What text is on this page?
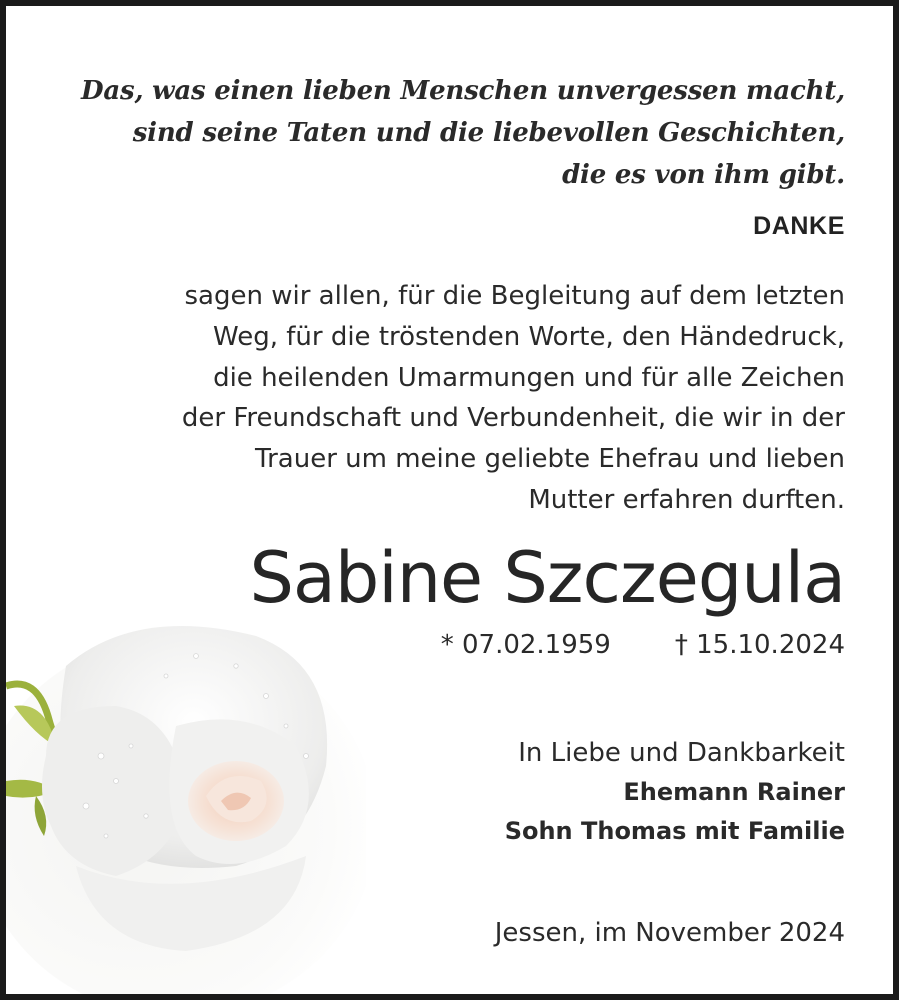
Das, was einen lieben Menschen unvergessen macht,
sind seine Taten und die liebevollen Geschichten,
die es von ihm gibt.
DANKE
sagen wir allen, für die Begleitung auf dem letzten
Weg, für die tröstenden Worte, den Händedruck,
die heilenden Umarmungen und für alle Zeichen
der Freundschaft und Verbundenheit, die wir in der
Trauer um meine geliebte Ehefrau und lieben
Mutter erfahren durften.
Sabine Szczegula
* 07.02.1959 † 15.10.2024
In Liebe und Dankbarkeit
Ehemann Rainer
Sohn Thomas mit Familie
Jessen, im November 2024
